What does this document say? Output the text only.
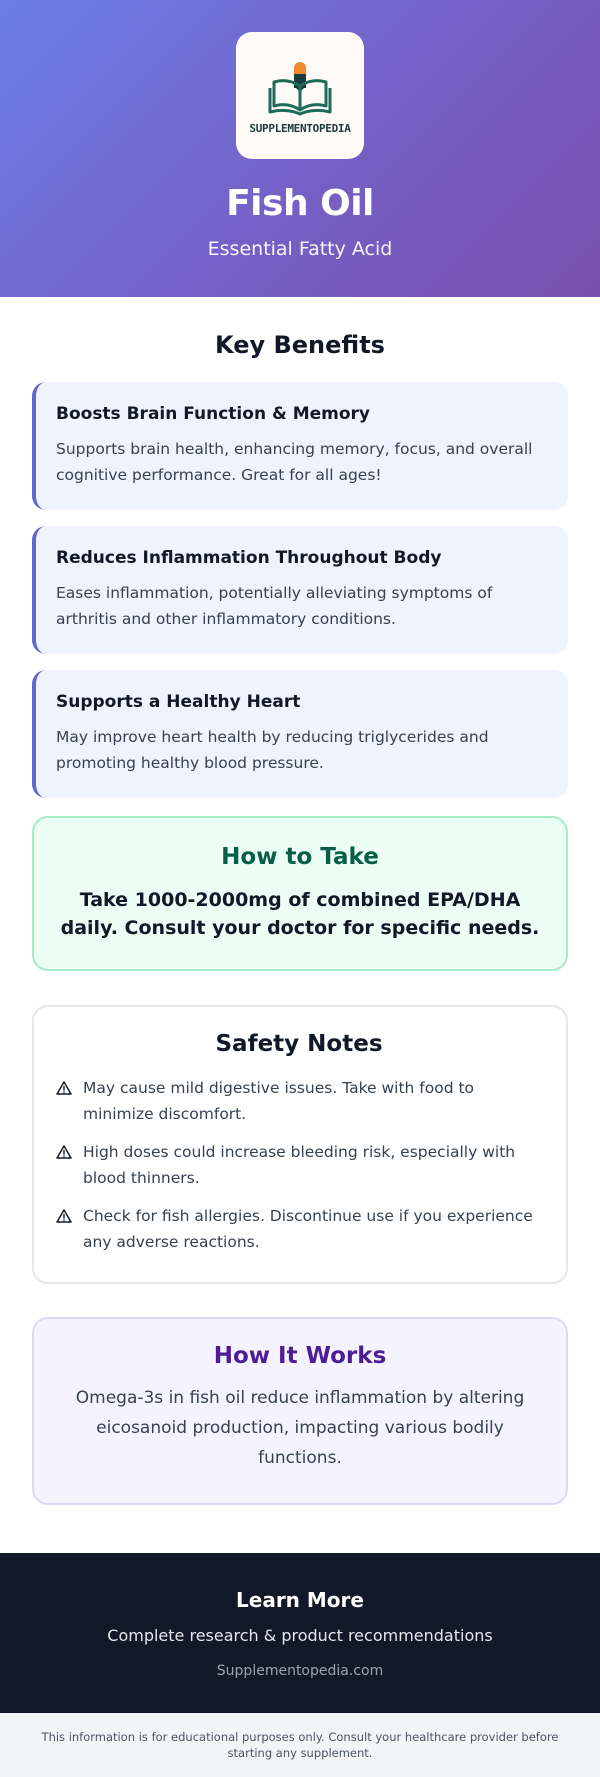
SUPPLEMENTOPEDIA
Fish Oil
Essential Fatty Acid
Key Benefits
Boosts Brain Function & Memory

Supports brain health, enhancing memory, focus, and overall cognitive performance. Great for all ages!

Reduces Inflammation Throughout Body

Eases inflammation, potentially alleviating symptoms of arthritis and other inflammatory conditions.

Supports a Healthy Heart

May improve heart health by reducing triglycerides and promoting healthy blood pressure.

How to Take

Take 1000-2000mg of combined EPA/DHA daily. Consult your doctor for specific needs.

Safety Notes

May cause mild digestive issues. Take with food to minimize discomfort.

High doses could increase bleeding risk, especially with blood thinners.

Check for fish allergies. Discontinue use if you experience any adverse reactions.

How It Works

Omega-3s in fish oil reduce inflammation by altering eicosanoid production, impacting various bodily functions.

Learn More
Complete research & product recommendations
Supplementopedia.com
This information is for educational purposes only. Consult your healthcare provider before starting any supplement.
